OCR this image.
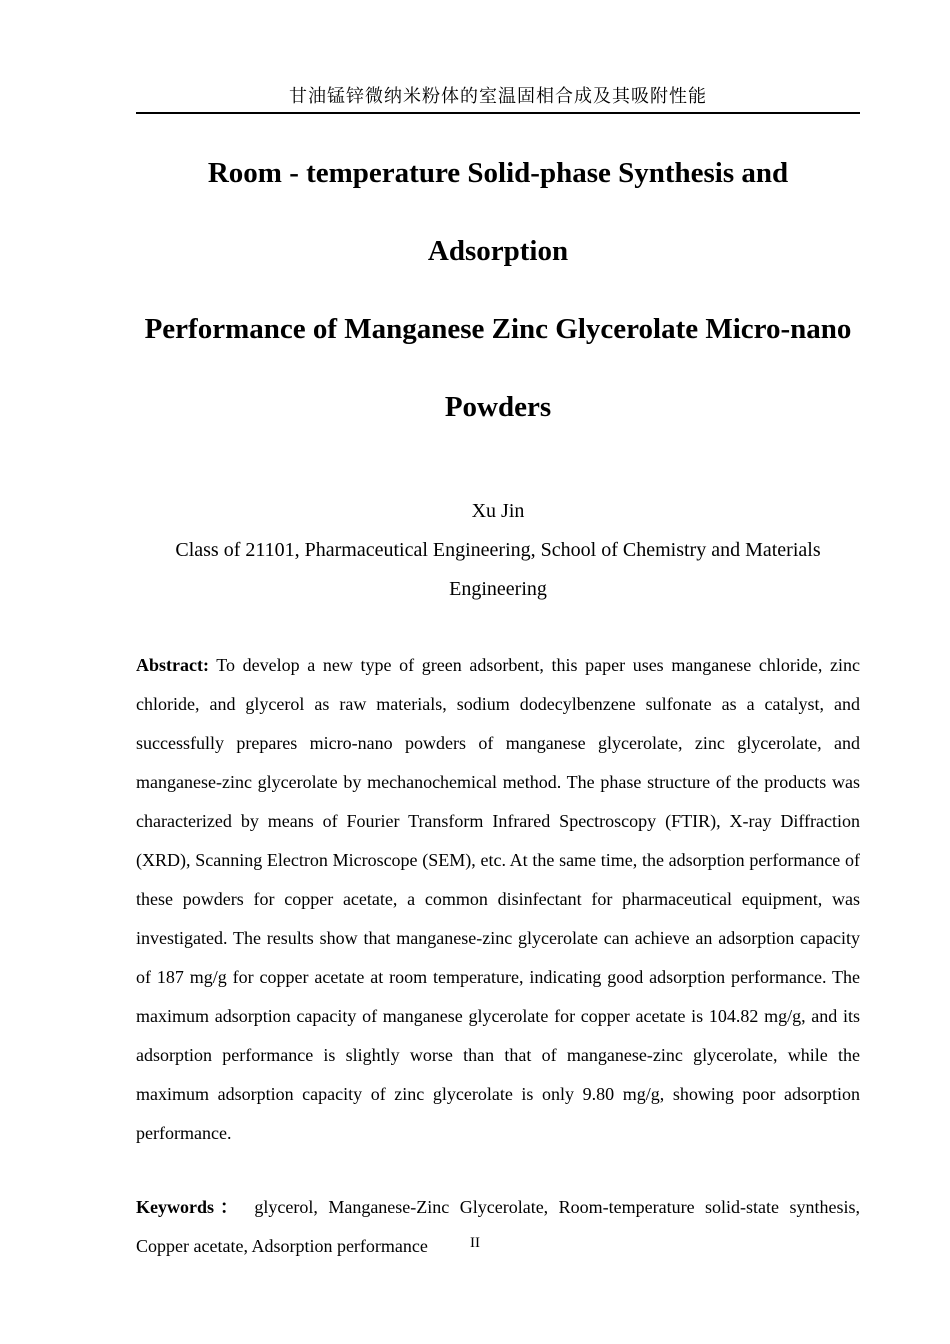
甘油锰锌微纳米粉体的室温固相合成及其吸附性能
Room - temperature Solid-phase Synthesis and Adsorption
Performance of Manganese Zinc Glycerolate Micro-nano
Powders
Xu Jin
Class of 21101, Pharmaceutical Engineering, School of Chemistry and Materials Engineering

Abstract: To develop a new type of green adsorbent, this paper uses manganese chloride, zinc chloride, and glycerol as raw materials, sodium dodecylbenzene sulfonate as a catalyst, and successfully prepares micro-nano powders of manganese glycerolate, zinc glycerolate, and manganese-zinc glycerolate by mechanochemical method. The phase structure of the products was characterized by means of Fourier Transform Infrared Spectroscopy (FTIR), X-ray Diffraction (XRD), Scanning Electron Microscope (SEM), etc. At the same time, the adsorption performance of these powders for copper acetate, a common disinfectant for pharmaceutical equipment, was investigated. The results show that manganese-zinc glycerolate can achieve an adsorption capacity of 187 mg/g for copper acetate at room temperature, indicating good adsorption performance. The maximum adsorption capacity of manganese glycerolate for copper acetate is 104.82 mg/g, and its adsorption performance is slightly worse than that of manganese-zinc glycerolate, while the maximum adsorption capacity of zinc glycerolate is only 9.80 mg/g, showing poor adsorption performance.

Keywords： glycerol, Manganese-Zinc Glycerolate, Room-temperature solid-state synthesis, Copper acetate, Adsorption performance	II
